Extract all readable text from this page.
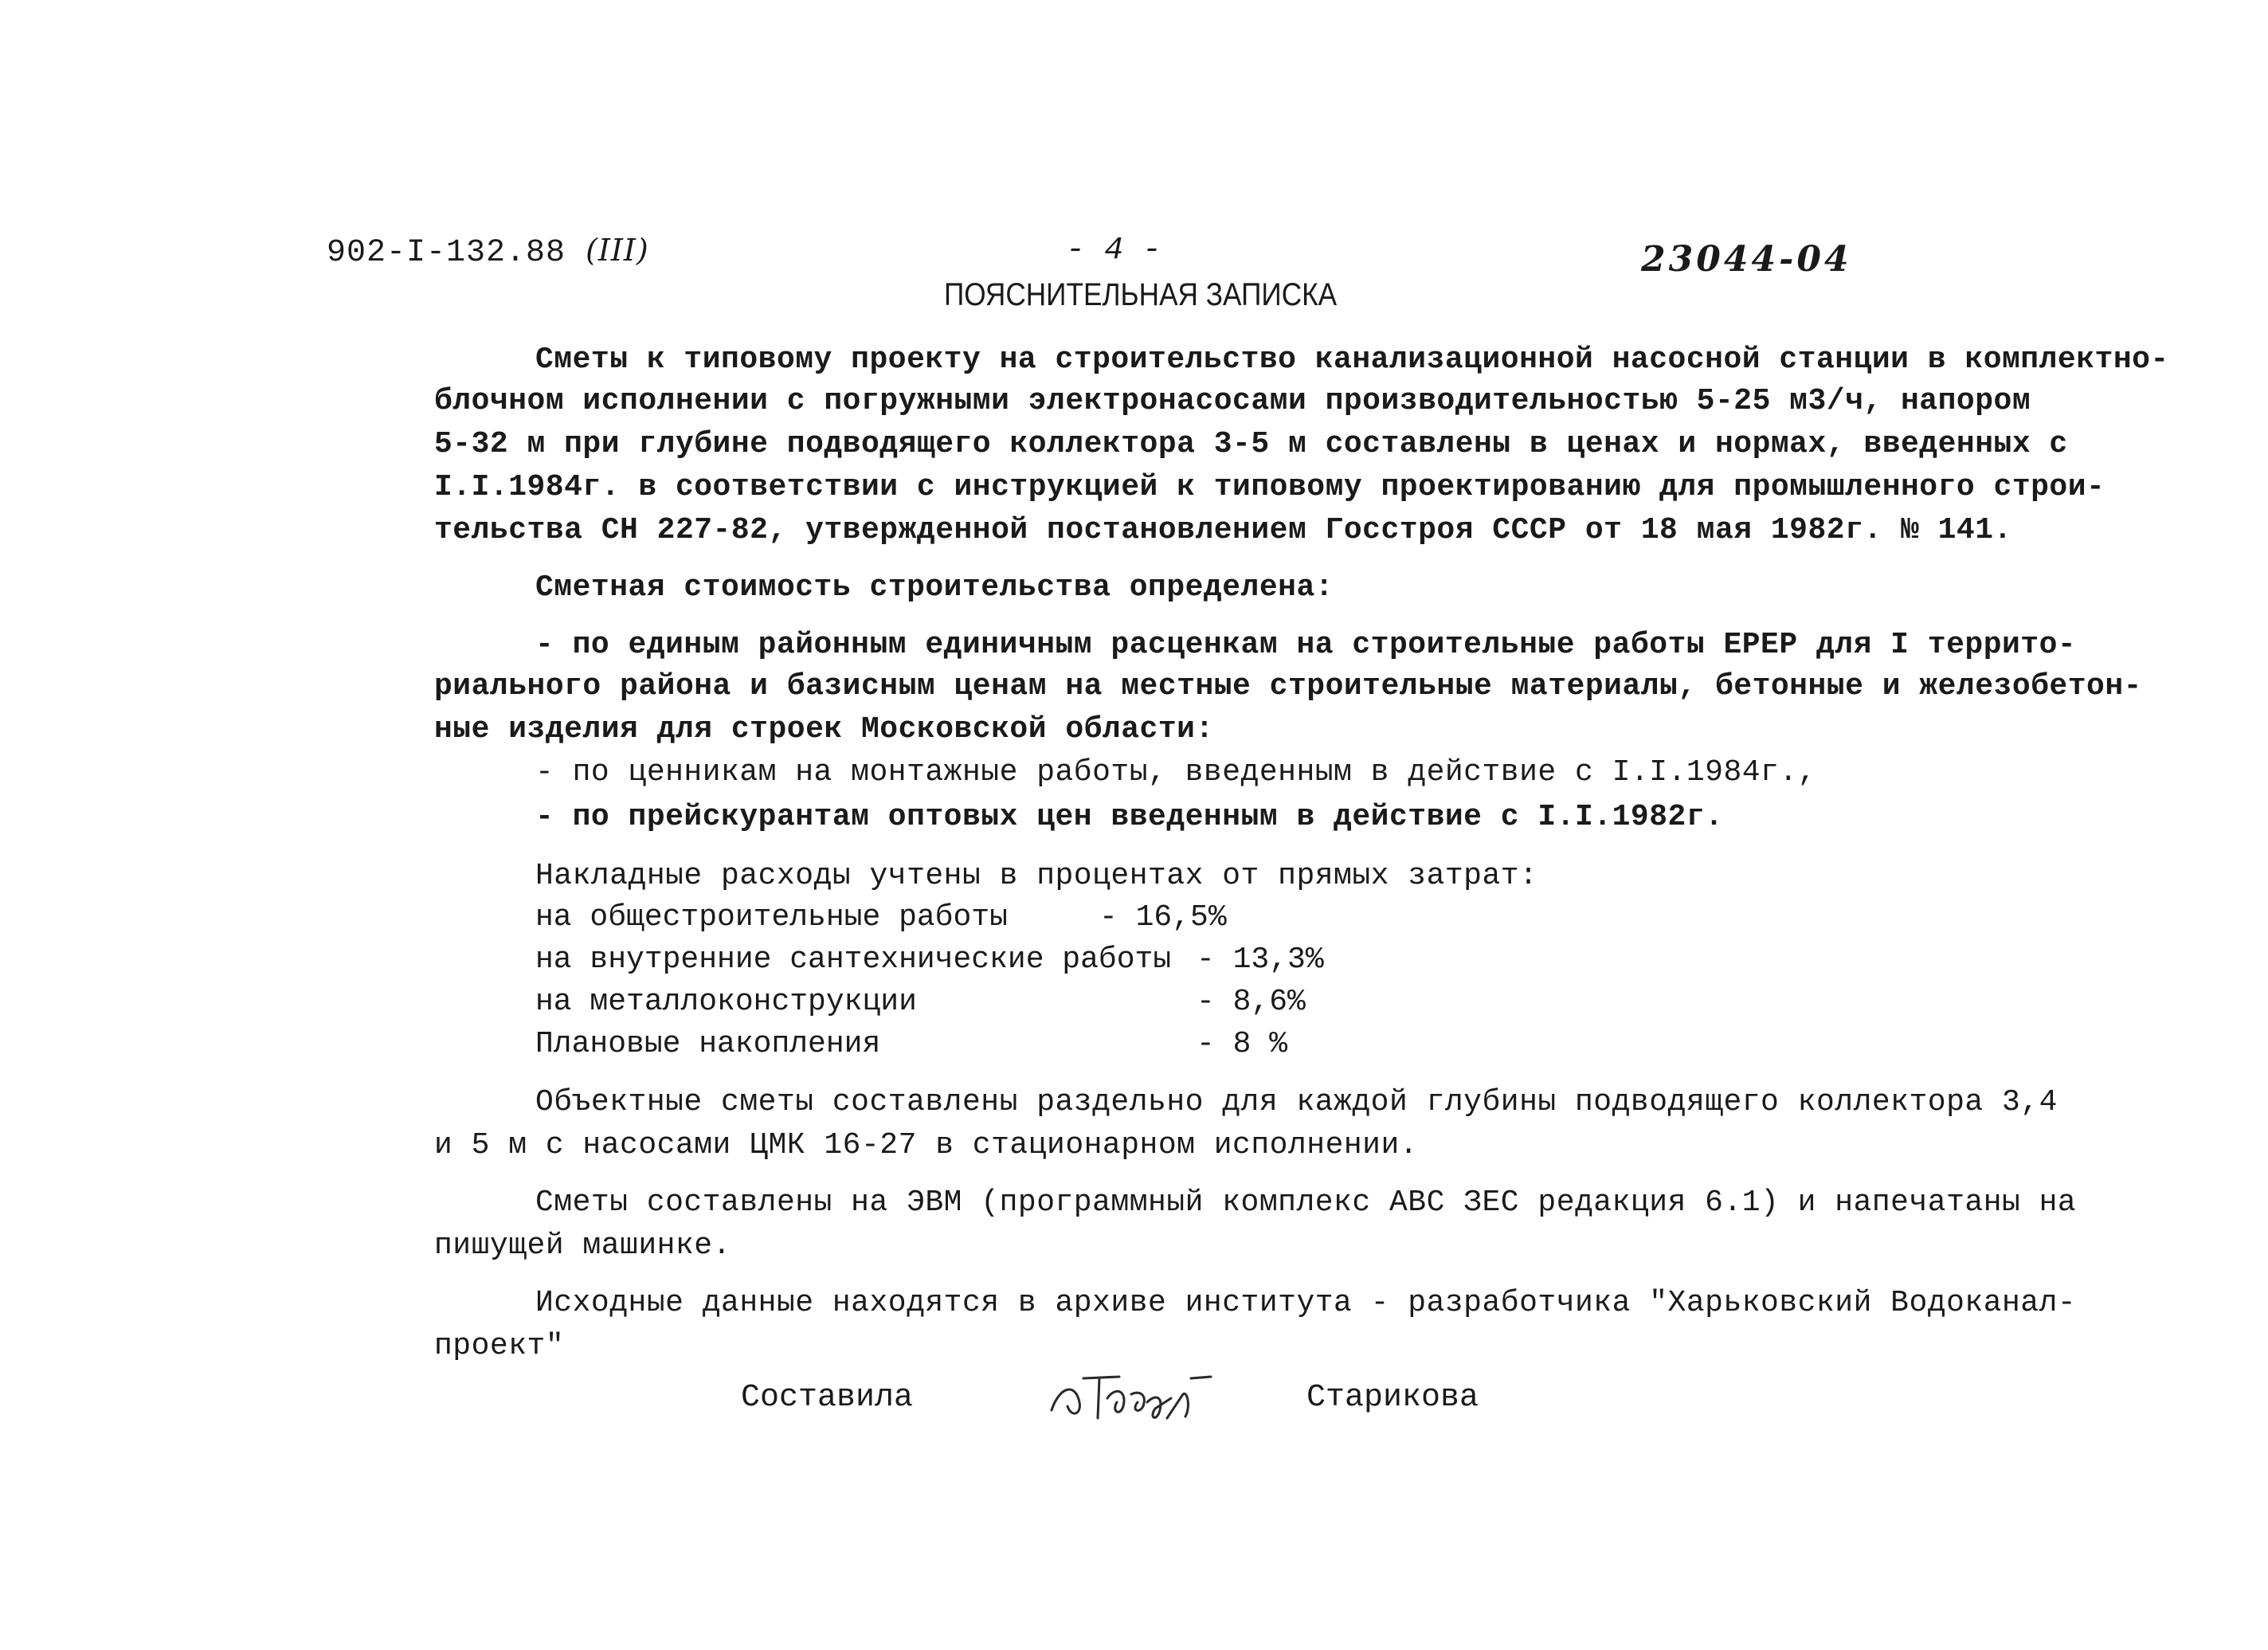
902-I-132.88 (III)	- 4 -	23044-04
ПОЯСНИТЕЛЬНАЯ ЗАПИСКА
Сметы к типовому проекту на строительство канализационной насосной станции в комплектно-
блочном исполнении с погружными электронасосами производительностью 5-25 м3/ч, напором
5-32 м при глубине подводящего коллектора 3-5 м составлены в ценах и нормах, введенных с
I.I.1984г. в соответствии с инструкцией к типовому проектированию для промышленного строи-
тельства СН 227-82, утвержденной постановлением Госстроя СССР от 18 мая 1982г. № 141.
Сметная стоимость строительства определена:
- по единым районным единичным расценкам на строительные работы ЕРЕР для I террито-
риального района и базисным ценам на местные строительные материалы, бетонные и железобетон-
ные изделия для строек Московской области:
- по ценникам на монтажные работы, введенным в действие с I.I.1984г.,
- по прейскурантам оптовых цен введенным в действие с I.I.1982г.
Накладные расходы учтены в процентах от прямых затрат:
на общестроительные работы	- 16,5%
на внутренние сантехнические работы - 13,3%
на металлоконструкции	- 8,6%
Плановые накопления	- 8 %
Объектные сметы составлены раздельно для каждой глубины подводящего коллектора 3,4
и 5 м с насосами ЦМК 16-27 в стационарном исполнении.
Сметы составлены на ЭВМ (программный комплекс АВС ЗЕС редакция 6.1) и напечатаны на
пишущей машинке.
Исходные данные находятся в архиве института - разработчика "Харьковский Водоканал-
проект"
Составила	Старикова
